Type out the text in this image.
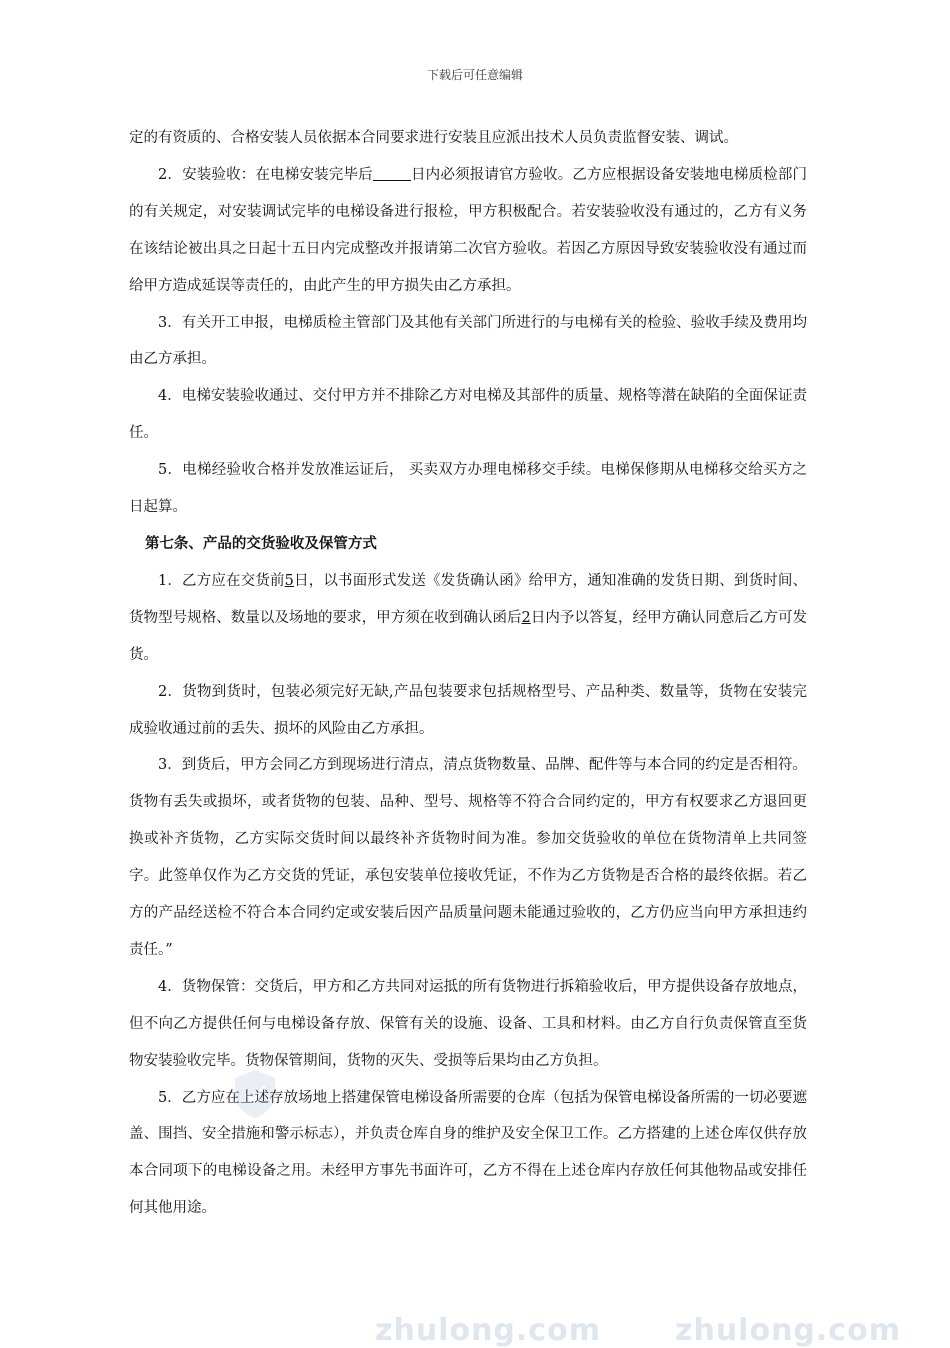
下载后可任意编辑

定的有资质的、合格安装人员依据本合同要求进行安装且应派出技术人员负责监督安装、调试。

2．安装验收：在电梯安装完毕后	日内必须报请官方验收。乙方应根据设备安装地电梯质检部门的有关规定，对安装调试完毕的电梯设备进行报检，甲方积极配合。若安装验收没有通过的，乙方有义务在该结论被出具之日起十五日内完成整改并报请第二次官方验收。若因乙方原因导致安装验收没有通过而给甲方造成延误等责任的，由此产生的甲方损失由乙方承担。

3．有关开工申报，电梯质检主管部门及其他有关部门所进行的与电梯有关的检验、验收手续及费用均由乙方承担。

4．电梯安装验收通过、交付甲方并不排除乙方对电梯及其部件的质量、规格等潜在缺陷的全面保证责任。

5．电梯经验收合格并发放准运证后， 买卖双方办理电梯移交手续。电梯保修期从电梯移交给买方之日起算。

第七条、产品的交货验收及保管方式

1．乙方应在交货前5日，以书面形式发送《发货确认函》给甲方，通知准确的发货日期、到货时间、货物型号规格、数量以及场地的要求，甲方须在收到确认函后2日内予以答复，经甲方确认同意后乙方可发货。

2．货物到货时，包装必须完好无缺,产品包装要求包括规格型号、产品种类、数量等，货物在安装完成验收通过前的丢失、损坏的风险由乙方承担。

3．到货后，甲方会同乙方到现场进行清点，清点货物数量、品牌、配件等与本合同的约定是否相符。货物有丢失或损坏，或者货物的包装、品种、型号、规格等不符合合同约定的，甲方有权要求乙方退回更换或补齐货物，乙方实际交货时间以最终补齐货物时间为准。参加交货验收的单位在货物清单上共同签字。此签单仅作为乙方交货的凭证，承包安装单位接收凭证，不作为乙方货物是否合格的最终依据。若乙方的产品经送检不符合本合同约定或安装后因产品质量问题未能通过验收的，乙方仍应当向甲方承担违约责任。”

4．货物保管：交货后，甲方和乙方共同对运抵的所有货物进行拆箱验收后，甲方提供设备存放地点，但不向乙方提供任何与电梯设备存放、保管有关的设施、设备、工具和材料。由乙方自行负责保管直至货物安装验收完毕。货物保管期间，货物的灭失、受损等后果均由乙方负担。

5．乙方应在上述存放场地上搭建保管电梯设备所需要的仓库（包括为保管电梯设备所需的一切必要遮盖、围挡、安全措施和警示标志），并负责仓库自身的维护及安全保卫工作。乙方搭建的上述仓库仅供存放本合同项下的电梯设备之用。未经甲方事先书面许可，乙方不得在上述仓库内存放任何其他物品或安排任何其他用途。

zhulong.com zhulong.com
